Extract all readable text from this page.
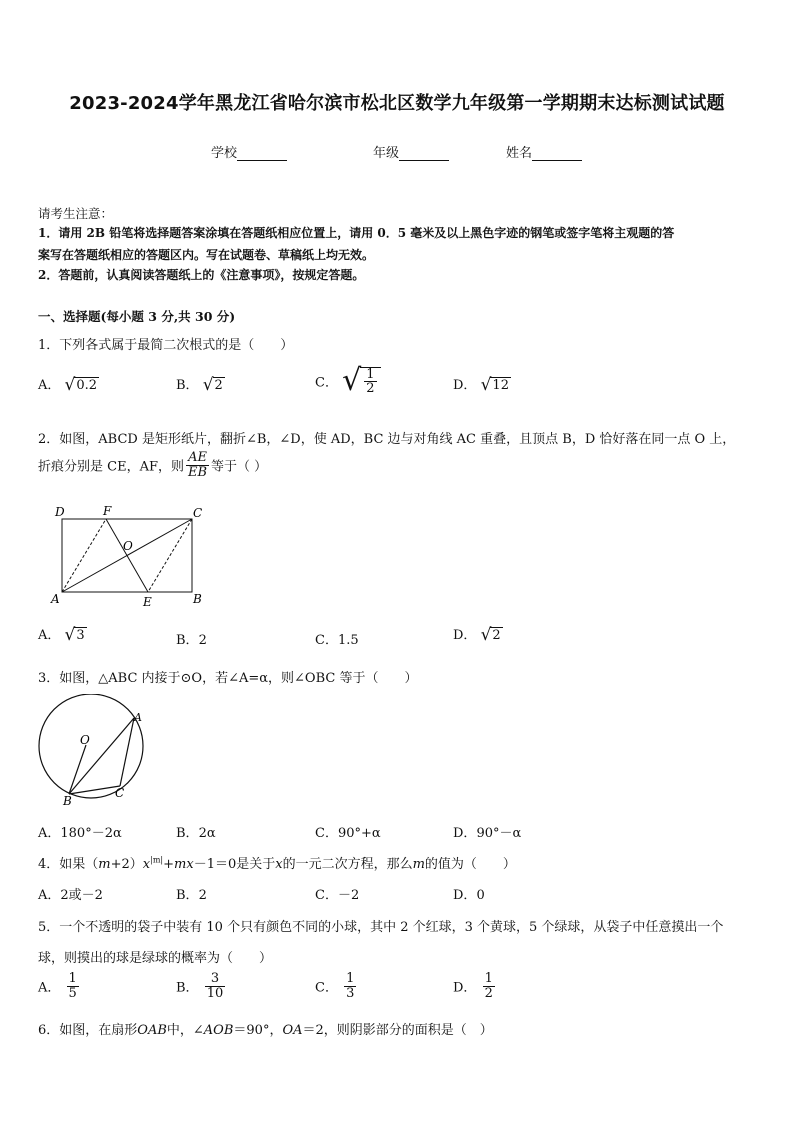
2023-2024学年黑龙江省哈尔滨市松北区数学九年级第一学期期末达标测试试题
学校	年级	姓名
请考生注意：
1．请用 2B 铅笔将选择题答案涂填在答题纸相应位置上，请用 0．5 毫米及以上黑色字迹的钢笔或签字笔将主观题的答
案写在答题纸相应的答题区内。写在试题卷、草稿纸上均无效。
2．答题前，认真阅读答题纸上的《注意事项》，按规定答题。
一、选择题(每小题 3 分,共 30 分)
1．下列各式属于最简二次根式的是（　　）
A． √ 0.2	B． √ 2	C． √ $\frac{1}{2}$	D． √ 12
2．如图，ABCD 是矩形纸片，翻折∠B，∠D，使 AD，BC 边与对角线 AC 重叠，且顶点 B，D 恰好落在同一点 O 上，
折痕分别是 CE，AF，则 $\frac{AE}{EB}$ 等于（ ）
D	F	C
O
A	E	B
A． √ 3	B．2	C．1.5	D． √ 2
3．如图，△ABC 内接于⊙O，若∠A=α，则∠OBC 等于（　　）
O
A
B
C
A．180°－2α	B．2α	C．90°+α	D．90°－α
4．如果$(m+2)x^{|m|}+mx-1=0$是关于x的一元二次方程，那么m的值为（　　）
A．2或－2	B．2	C．－2	D．0
5．一个不透明的袋子中装有 10 个只有颜色不同的小球，其中 2 个红球，3 个黄球，5 个绿球，从袋子中任意摸出一个
球，则摸出的球是绿球的概率为（　　）
A． $\frac{1}{5}$	B． $\frac{3}{10}$	C． $\frac{1}{3}$	D． $\frac{1}{2}$
6．如图，在扇形OAB中，∠AOB＝90°，OA＝2，则阴影部分的面积是（　）
